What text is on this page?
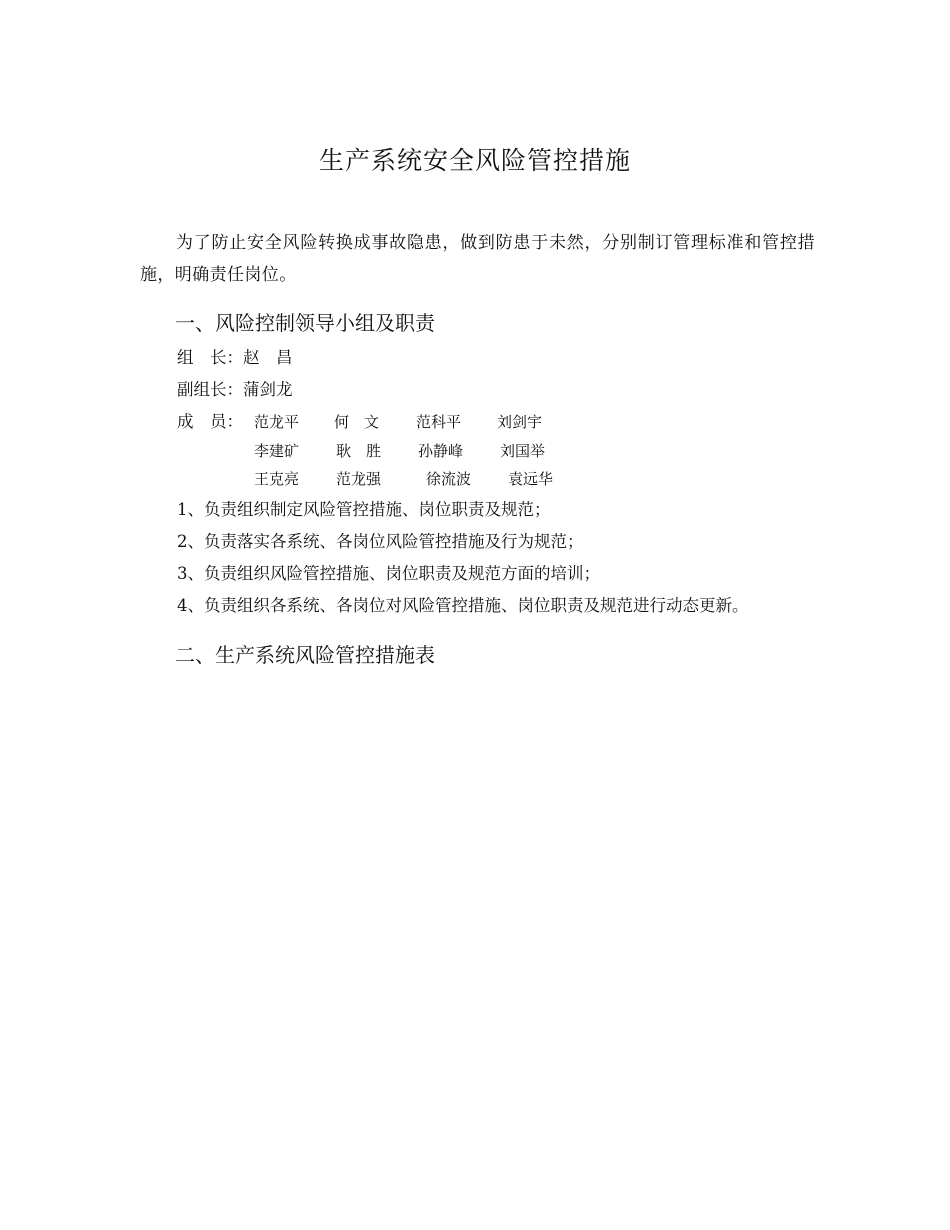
生产系统安全风险管控措施
为了防止安全风险转换成事故隐患，做到防患于未然，分别制订管理标准和管控措施，明确责任岗位。
一、风险控制领导小组及职责
组　长：赵　昌
副组长：蒲剑龙
成　员： 范龙平 何　文 范科平 刘剑宇
李建矿 耿　胜 孙静峰 刘国举
王克亮 范龙强	徐流波 袁远华
1、负责组织制定风险管控措施、岗位职责及规范；
2、负责落实各系统、各岗位风险管控措施及行为规范；
3、负责组织风险管控措施、岗位职责及规范方面的培训；
4、负责组织各系统、各岗位对风险管控措施、岗位职责及规范进行动态更新。
二、生产系统风险管控措施表
